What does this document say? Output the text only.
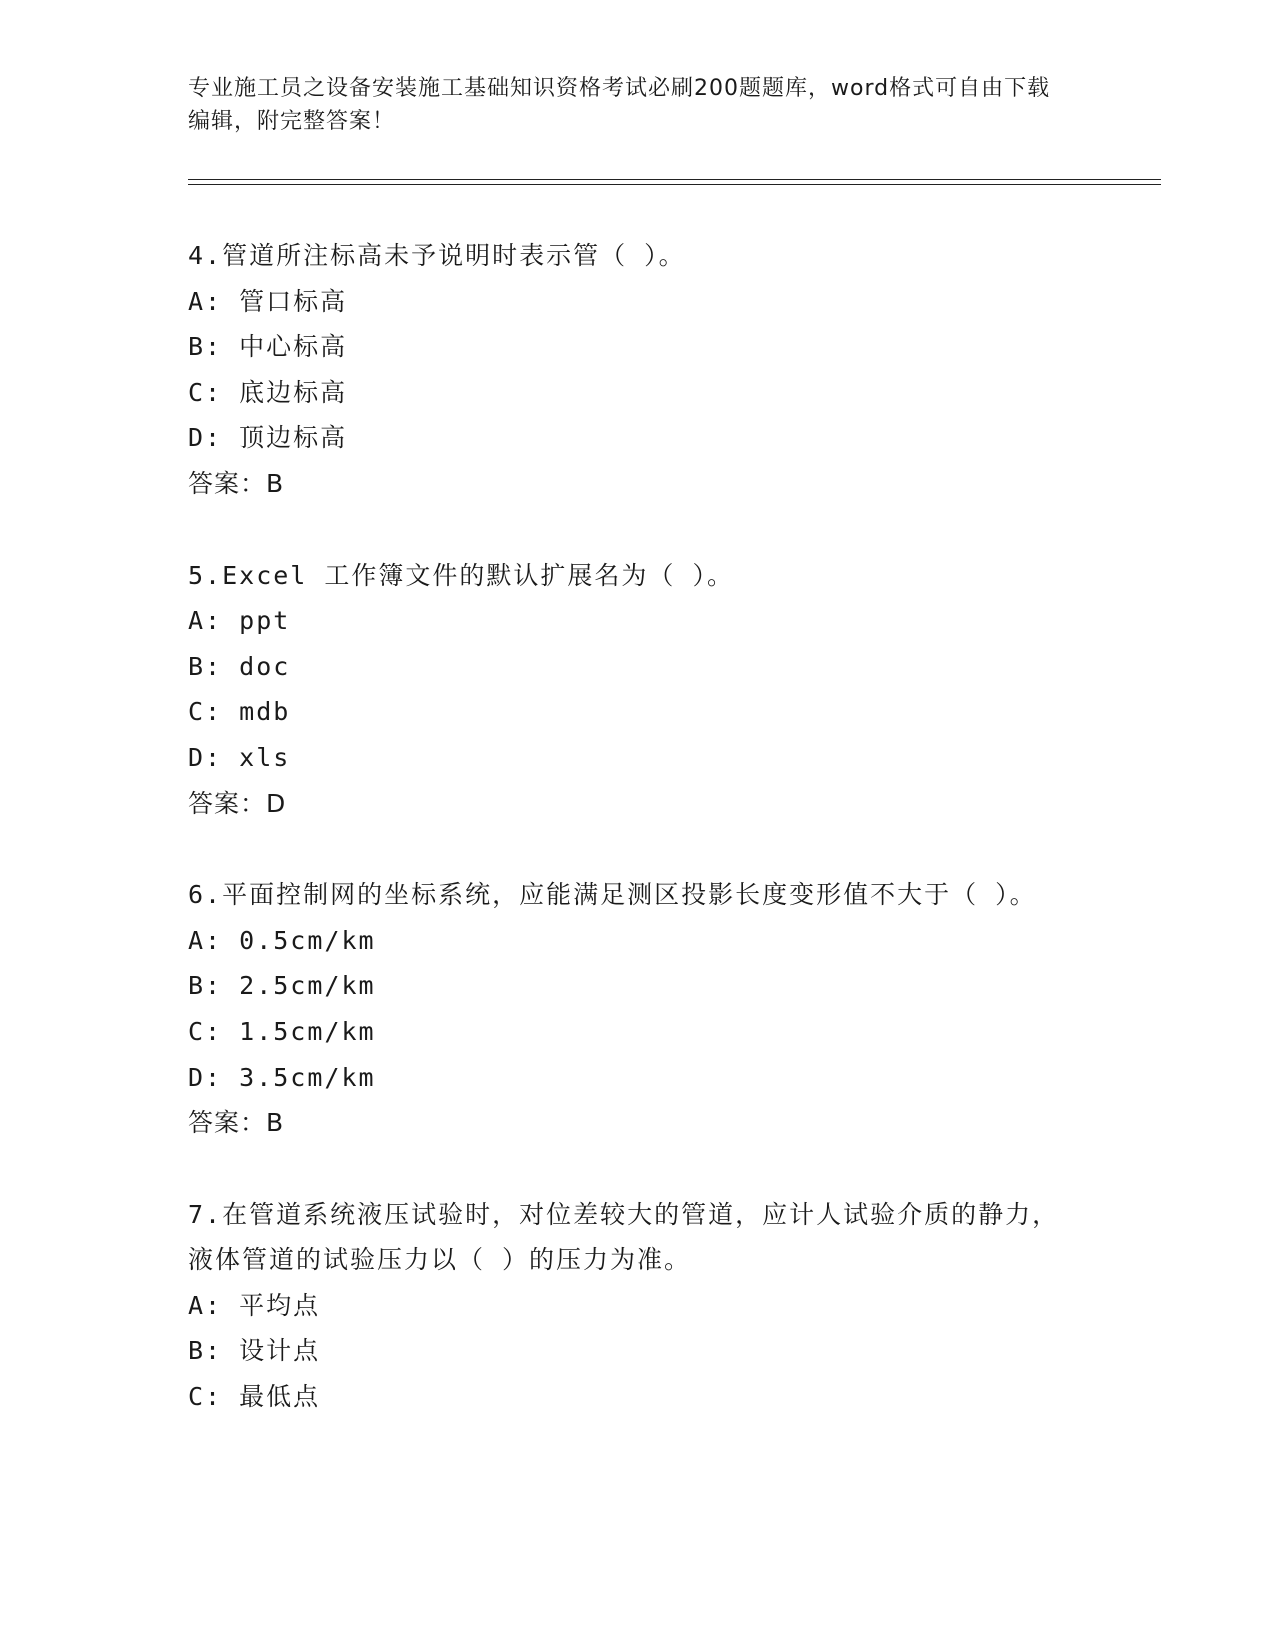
专业施工员之设备安装施工基础知识资格考试必刷200题题库，word格式可自由下载编辑，附完整答案！
4.管道所注标高未予说明时表示管（ ）。
A: 管口标高
B: 中心标高
C: 底边标高
D: 顶边标高
答案：B
5.Excel 工作簿文件的默认扩展名为（ ）。
A: ppt
B: doc
C: mdb
D: xls
答案：D
6.平面控制网的坐标系统，应能满足测区投影长度变形值不大于（ ）。
A: 0.5cm/km
B: 2.5cm/km
C: 1.5cm/km
D: 3.5cm/km
答案：B
7.在管道系统液压试验时，对位差较大的管道，应计人试验介质的静力，液体管道的试验压力以（ ）的压力为准。
A: 平均点
B: 设计点
C: 最低点
